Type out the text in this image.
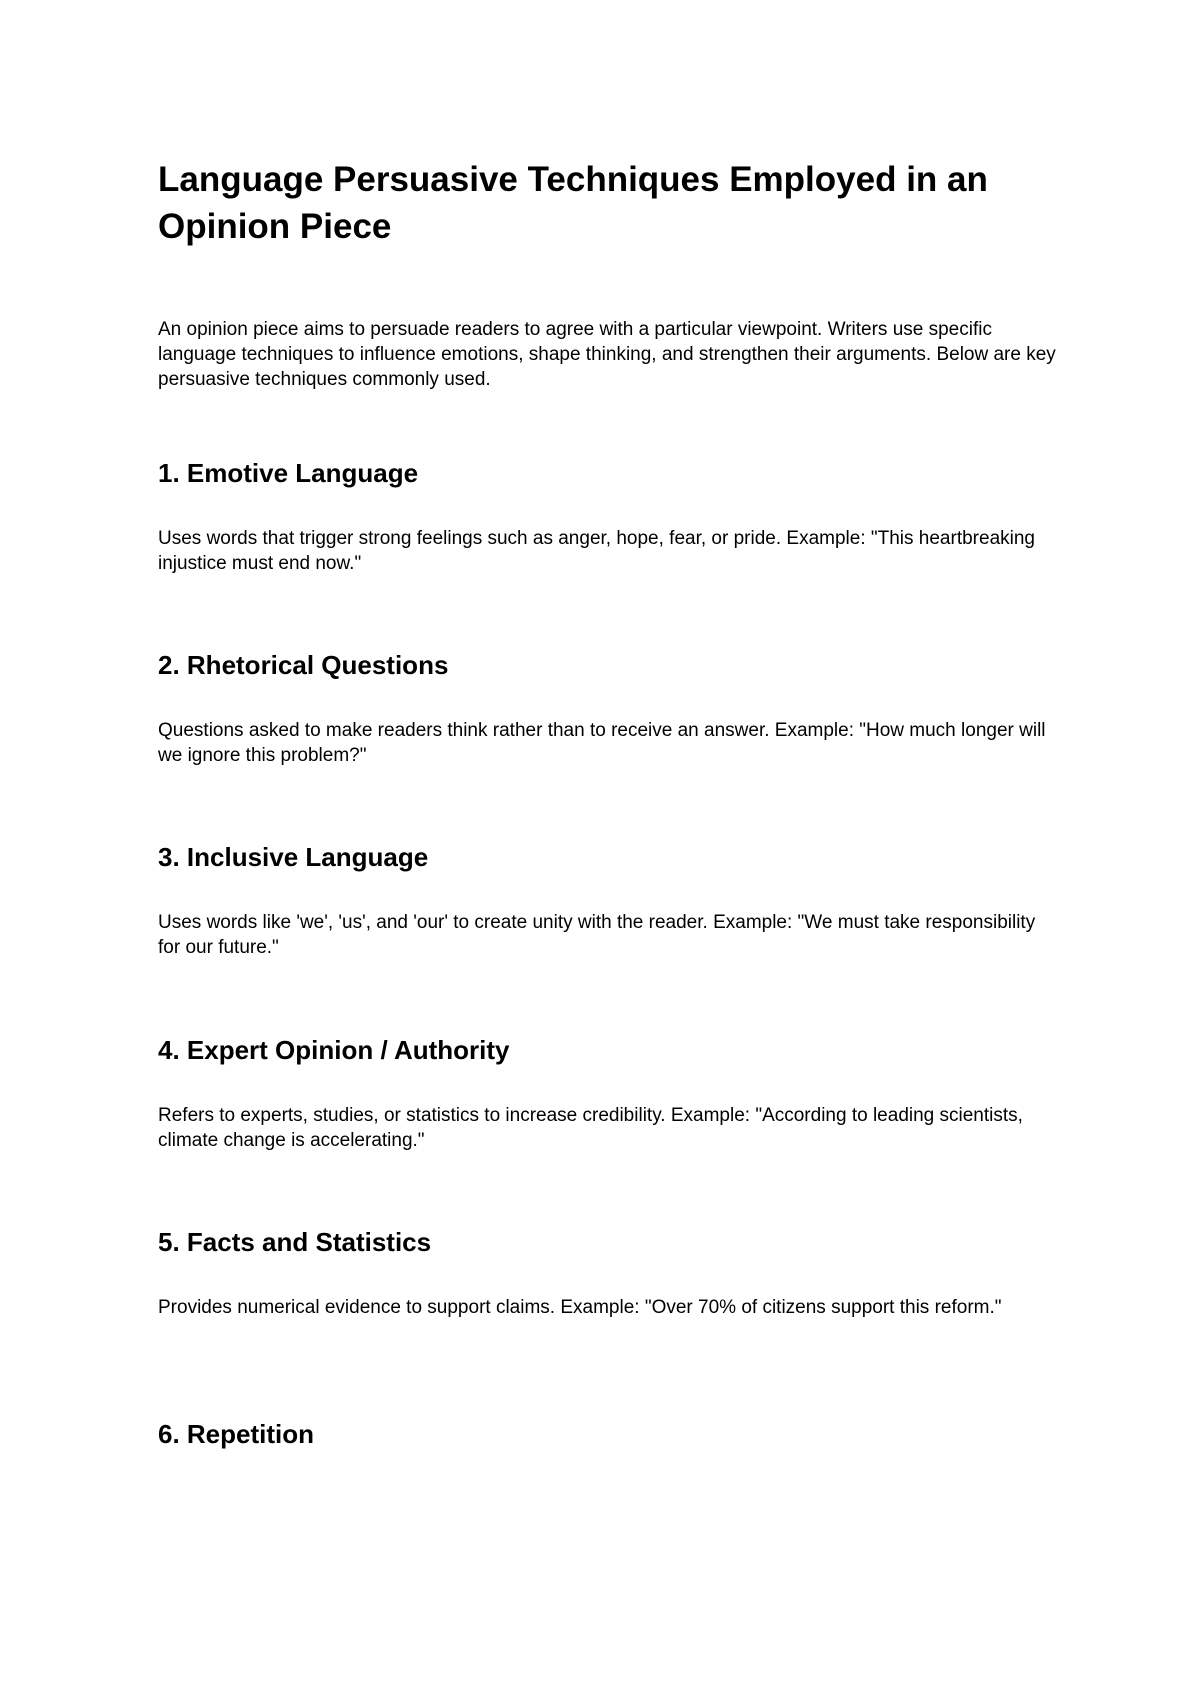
Language Persuasive Techniques Employed in an Opinion Piece

An opinion piece aims to persuade readers to agree with a particular viewpoint. Writers use specific language techniques to influence emotions, shape thinking, and strengthen their arguments. Below are key persuasive techniques commonly used.

1. Emotive Language

Uses words that trigger strong feelings such as anger, hope, fear, or pride. Example: "This heartbreaking injustice must end now."

2. Rhetorical Questions

Questions asked to make readers think rather than to receive an answer. Example: "How much longer will we ignore this problem?"

3. Inclusive Language

Uses words like 'we', 'us', and 'our' to create unity with the reader. Example: "We must take responsibility for our future."

4. Expert Opinion / Authority

Refers to experts, studies, or statistics to increase credibility. Example: "According to leading scientists, climate change is accelerating."

5. Facts and Statistics

Provides numerical evidence to support claims. Example: "Over 70% of citizens support this reform."

6. Repetition
